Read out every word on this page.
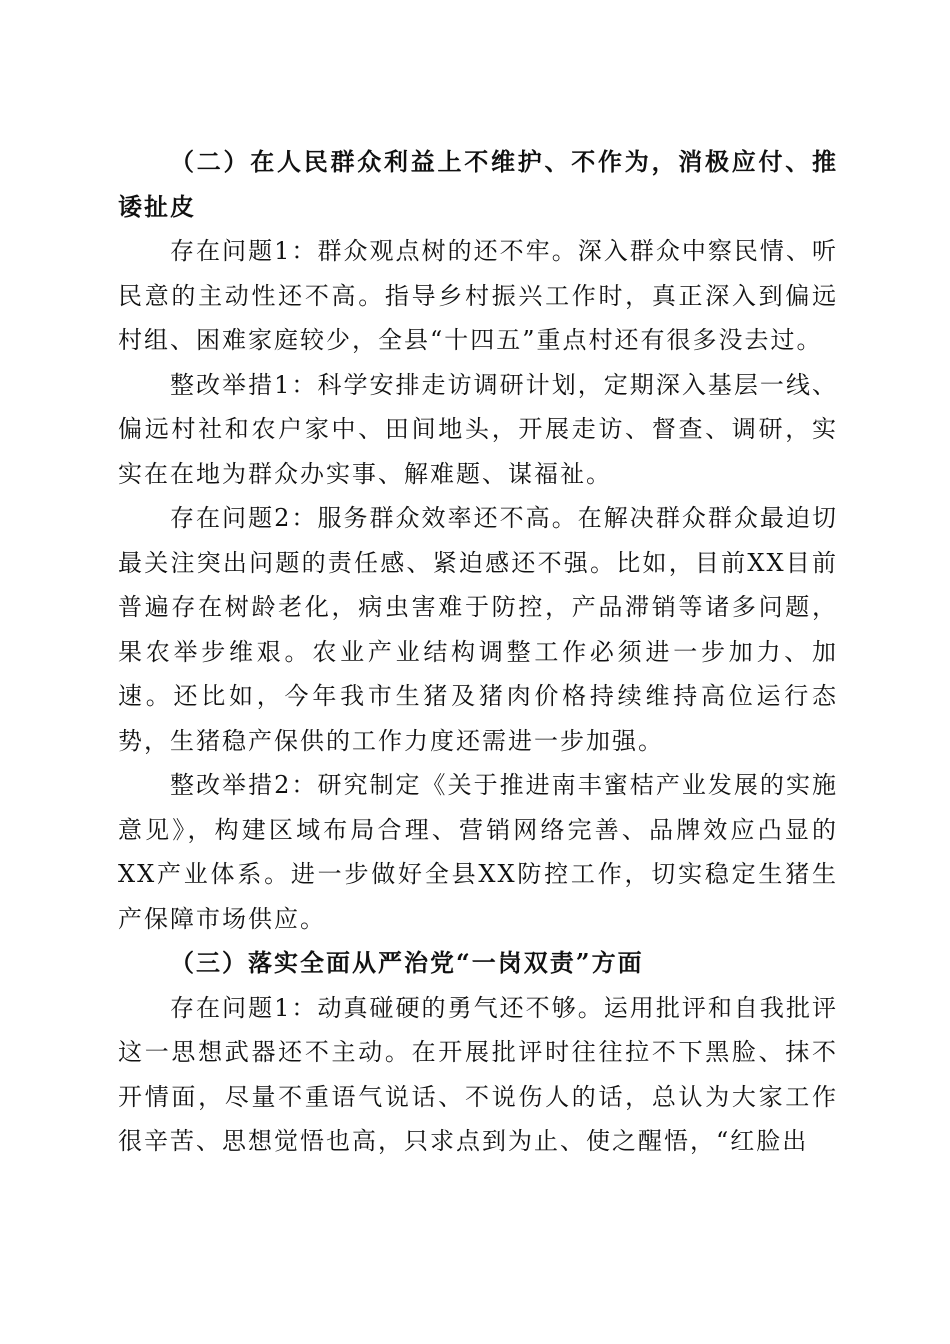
（二）在人民群众利益上不维护、不作为，消极应付、推诿扯皮

存在问题1：群众观点树的还不牢。深入群众中察民情、听民意的主动性还不高。指导乡村振兴工作时，真正深入到偏远村组、困难家庭较少，全县“十四五”重点村还有很多没去过。

整改举措1：科学安排走访调研计划，定期深入基层一线、偏远村社和农户家中、田间地头，开展走访、督查、调研，实实在在地为群众办实事、解难题、谋福祉。

存在问题2：服务群众效率还不高。在解决群众群众最迫切最关注突出问题的责任感、紧迫感还不强。比如，目前XX目前普遍存在树龄老化，病虫害难于防控，产品滞销等诸多问题，果农举步维艰。农业产业结构调整工作必须进一步加力、加速。还比如，今年我市生猪及猪肉价格持续维持高位运行态势，生猪稳产保供的工作力度还需进一步加强。

整改举措2：研究制定《关于推进南丰蜜桔产业发展的实施意见》，构建区域布局合理、营销网络完善、品牌效应凸显的XX产业体系。进一步做好全县XX防控工作，切实稳定生猪生产保障市场供应。

（三）落实全面从严治党“一岗双责”方面

存在问题1：动真碰硬的勇气还不够。运用批评和自我批评这一思想武器还不主动。在开展批评时往往拉不下黑脸、抹不开情面，尽量不重语气说话、不说伤人的话，总认为大家工作很辛苦、思想觉悟也高，只求点到为止、使之醒悟，“红脸出
